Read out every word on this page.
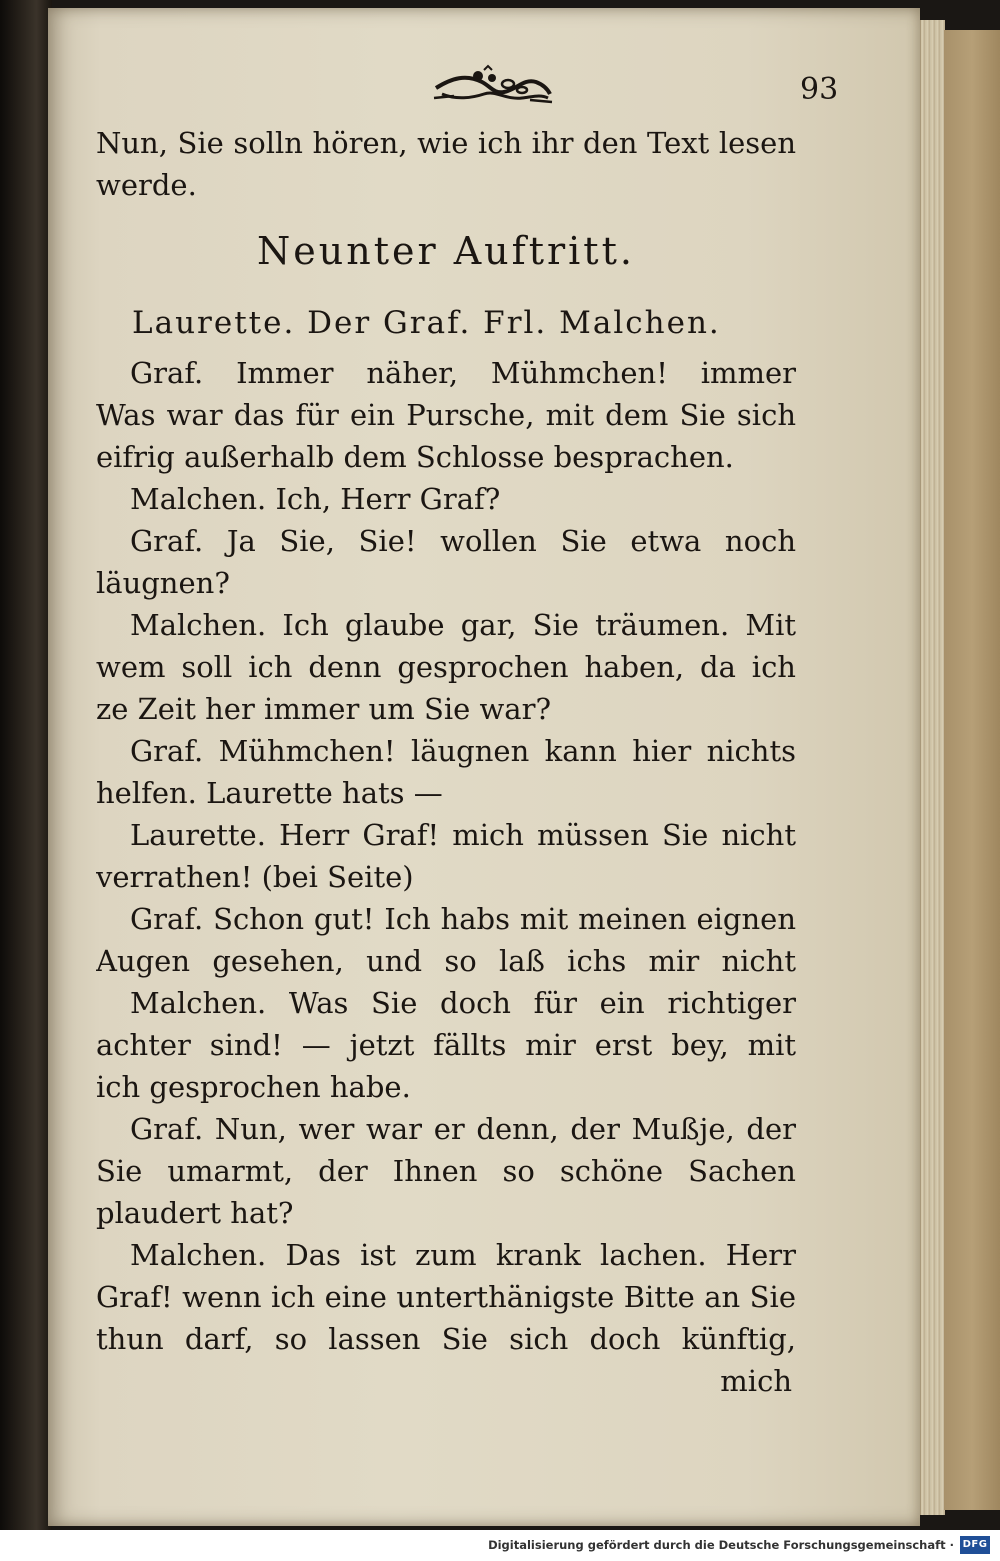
93
Nun, Sie solln hören, wie ich ihr den Text lesen
werde.
Neunter Auftritt.
Laurette. Der Graf. Frl. Malchen.
Graf. Immer näher, Mühmchen! immer
Was war das für ein Pursche, mit dem Sie sich
eifrig außerhalb dem Schlosse besprachen.
Malchen. Ich, Herr Graf?
Graf. Ja Sie, Sie! wollen Sie etwa noch
läugnen?
Malchen. Ich glaube gar, Sie träumen. Mit
wem soll ich denn gesprochen haben, da ich
ze Zeit her immer um Sie war?
Graf. Mühmchen! läugnen kann hier nichts
helfen. Laurette hats —
Laurette. Herr Graf! mich müssen Sie nicht
verrathen! (bei Seite)
Graf. Schon gut! Ich habs mit meinen eignen
Augen gesehen, und so laß ichs mir nicht
Malchen. Was Sie doch für ein richtiger
achter sind! — jetzt fällts mir erst bey, mit
ich gesprochen habe.
Graf. Nun, wer war er denn, der Mußje, der
Sie umarmt, der Ihnen so schöne Sachen
plaudert hat?
Malchen. Das ist zum krank lachen. Herr
Graf! wenn ich eine unterthänigste Bitte an Sie
thun darf, so lassen Sie sich doch künftig,
mich
Digitalisierung gefördert durch die Deutsche Forschungsgemeinschaft · DFG
